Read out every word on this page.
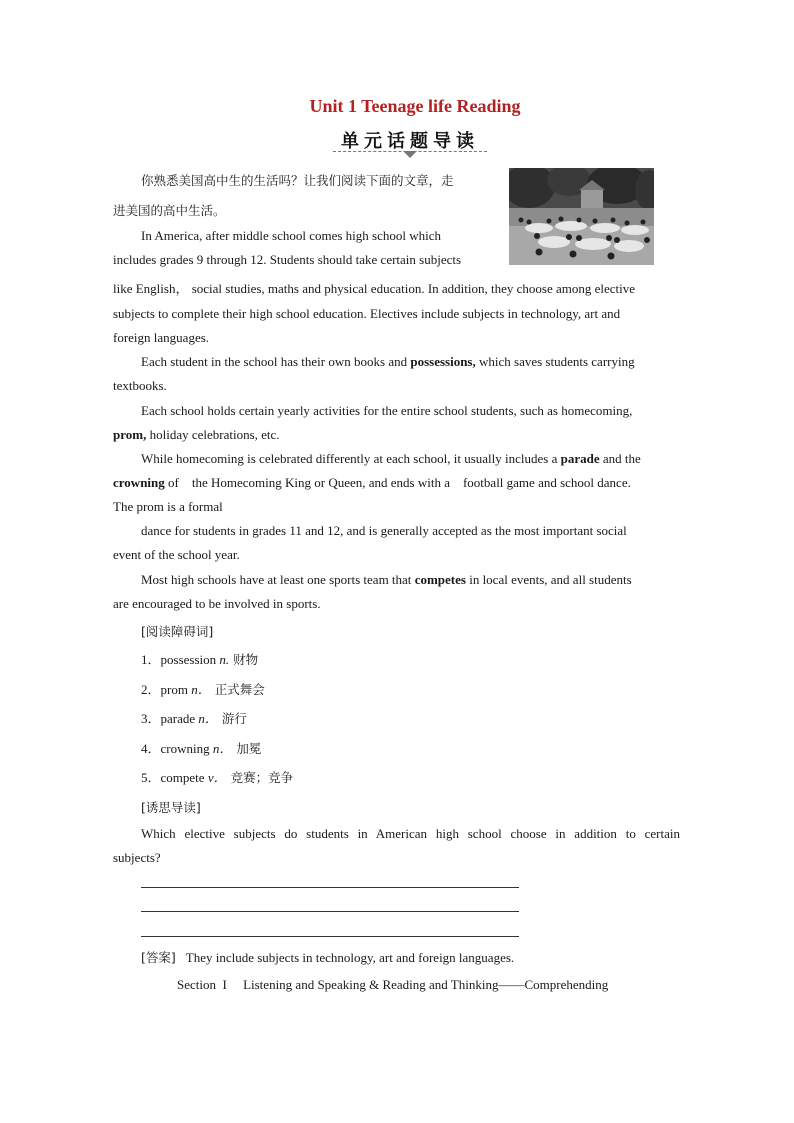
Unit 1 Teenage life Reading
单元话题导读
你熟悉美国高中生的生活吗？让我们阅读下面的文章，走
进美国的高中生活。
In America, after middle school comes high school which
includes grades 9 through 12. Students should take certain subjects
like English， social studies, maths and physical education. In addition, they choose among elective
subjects to complete their high school education. Electives include subjects in technology, art and
foreign languages.
Each student in the school has their own books and possessions, which saves students carrying
textbooks.
Each school holds certain yearly activities for the entire school students, such as homecoming,
prom, holiday celebrations, etc.
While homecoming is celebrated differently at each school, it usually includes a parade and the
crowning of    the Homecoming King or Queen, and ends with a    football game and school dance.
The prom is a formal
dance for students in grades 11 and 12, and is generally accepted as the most important social
event of the school year.
Most high schools have at least one sports team that competes in local events, and all students
are encouraged to be involved in sports.
[阅读障碍词]
1．possession n. 财物
2．prom n． 正式舞会
3．parade n． 游行
4．crowning n． 加冕
5．compete v． 竞赛；竞争
[诱思导读]
Which elective subjects do students in American high school choose in addition to certain
subjects?
[答案] They include subjects in technology, art and foreign languages.
Section  I     Listening and Speaking & Reading and Thinking——Comprehending
